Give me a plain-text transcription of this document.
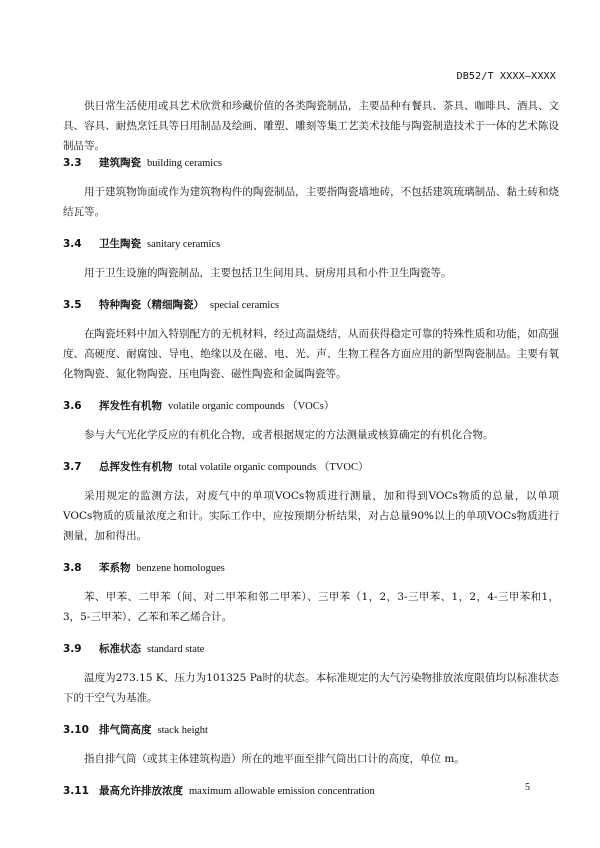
DB52/T XXXX—XXXX

供日常生活使用或具艺术欣赏和珍藏价值的各类陶瓷制品，主要品种有餐具、茶具、咖啡具、酒具、文具、容具、耐热烹饪具等日用制品及绘画、雕塑、雕刻等集工艺美术技能与陶瓷制造技术于一体的艺术陈设制品等。

3.3 建筑陶瓷 building ceramics

用于建筑物饰面或作为建筑物构件的陶瓷制品，主要指陶瓷墙地砖，不包括建筑琉璃制品、黏土砖和烧结瓦等。

3.4 卫生陶瓷 sanitary ceramics

用于卫生设施的陶瓷制品，主要包括卫生间用具、厨房用具和小件卫生陶瓷等。

3.5 特种陶瓷（精细陶瓷） special ceramics

在陶瓷坯料中加入特别配方的无机材料，经过高温烧结，从而获得稳定可靠的特殊性质和功能，如高强度、高硬度、耐腐蚀、导电、绝缘以及在磁、电、光、声、生物工程各方面应用的新型陶瓷制品。主要有氧化物陶瓷、氮化物陶瓷、压电陶瓷、磁性陶瓷和金属陶瓷等。

3.6 挥发性有机物 volatile organic compounds （VOCs）

参与大气光化学反应的有机化合物，或者根据规定的方法测量或核算确定的有机化合物。

3.7 总挥发性有机物 total volatile organic compounds （TVOC）

采用规定的监测方法，对废气中的单项VOCs物质进行测量，加和得到VOCs物质的总量，以单项VOCs物质的质量浓度之和计。实际工作中，应按预期分析结果，对占总量90%以上的单项VOCs物质进行测量，加和得出。

3.8 苯系物 benzene homologues

苯、甲苯、二甲苯（间、对二甲苯和邻二甲苯）、三甲苯（1，2，3-三甲苯、1，2，4-三甲苯和1，3，5-三甲苯）、乙苯和苯乙烯合计。

3.9 标准状态 standard state

温度为273.15 K、压力为101325 Pa时的状态。本标准规定的大气污染物排放浓度限值均以标准状态下的干空气为基准。

3.10 排气筒高度 stack height

指自排气筒（或其主体建筑构造）所在的地平面至排气筒出口计的高度，单位 m。

3.11 最高允许排放浓度 maximum allowable emission concentration	5
